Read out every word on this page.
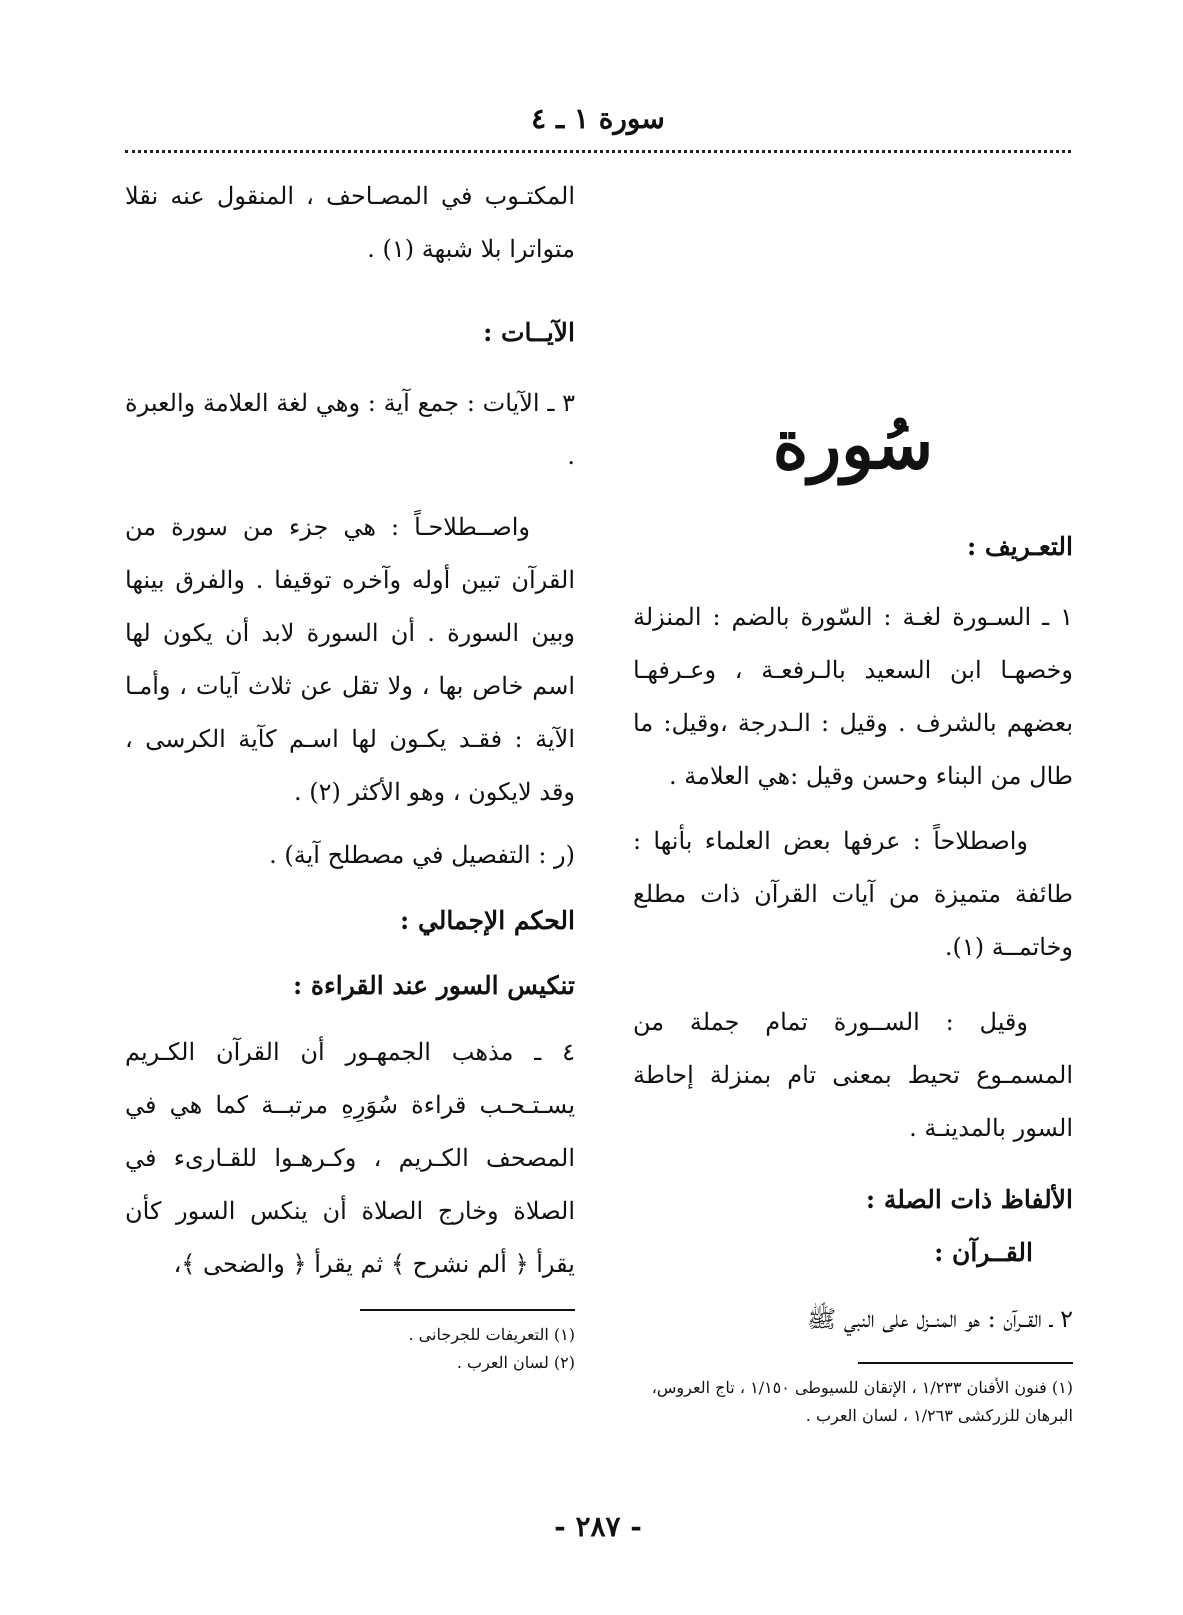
سورة ١ ـ ٤
سُورة

التعـريف :

١ ـ السـورة لغـة : السّورة بالضم : المنزلة وخصهـا ابن السعيد بالـرفعـة ، وعـرفهـا بعضهم بالشرف . وقيل : الـدرجة ،وقيل: ما طال من البناء وحسن وقيل :هي العلامة .

واصطلاحاً : عرفها بعض العلماء بأنها : طائفة متميزة من آيات القرآن ذات مطلع وخاتمــة (١).

وقيل : الســورة تمام جملة من المسمـوع تحيط بمعنى تام بمنزلة إحاطة السور بالمدينـة .

الألفاظ ذات الصلة :

القــرآن :

٢ ـ القــرآن : هو المنــزل على النبي ﷺ

(١) فنون الأفنان ١/٢٣٣ ، الإتقان للسيوطى ١/١٥٠ ، تاج العروس، البرهان للزركشى ١/٢٦٣ ، لسان العرب .

المكتـوب في المصـاحف ، المنقول عنه نقلا متواترا بلا شبهة (١) .

الآيــات :

٣ ـ الآيات : جمع آية : وهي لغة العلامة والعبرة .

واصــطلاحـاً : هي جزء من سورة من القرآن تبين أوله وآخره توقيفا . والفرق بينها وبين السورة . أن السورة لابد أن يكون لها اسم خاص بها ، ولا تقل عن ثلاث آيات ، وأمـا الآية : فقـد يكـون لها اسـم كآية الكرسى ، وقد لايكون ، وهو الأكثر (٢) .

(ر : التفصيل في مصطلح آية) .

الحكم الإجمالي :

تنكيس السور عند القراءة :

٤ ـ مذهب الجمهـور أن القرآن الكـريم يسـتـحـب قراءة سُوَرِهِ مرتبــة كما هي في المصحف الكـريم ، وكـرهـوا للقـارىء في الصلاة وخارج الصلاة أن ينكس السور كأن يقرأ ﴿ ألم نشرح ﴾ ثم يقرأ ﴿ والضحى ﴾،

(١) التعريفات للجرجانى .

(٢) لسان العرب .

- ٢٨٧ -
